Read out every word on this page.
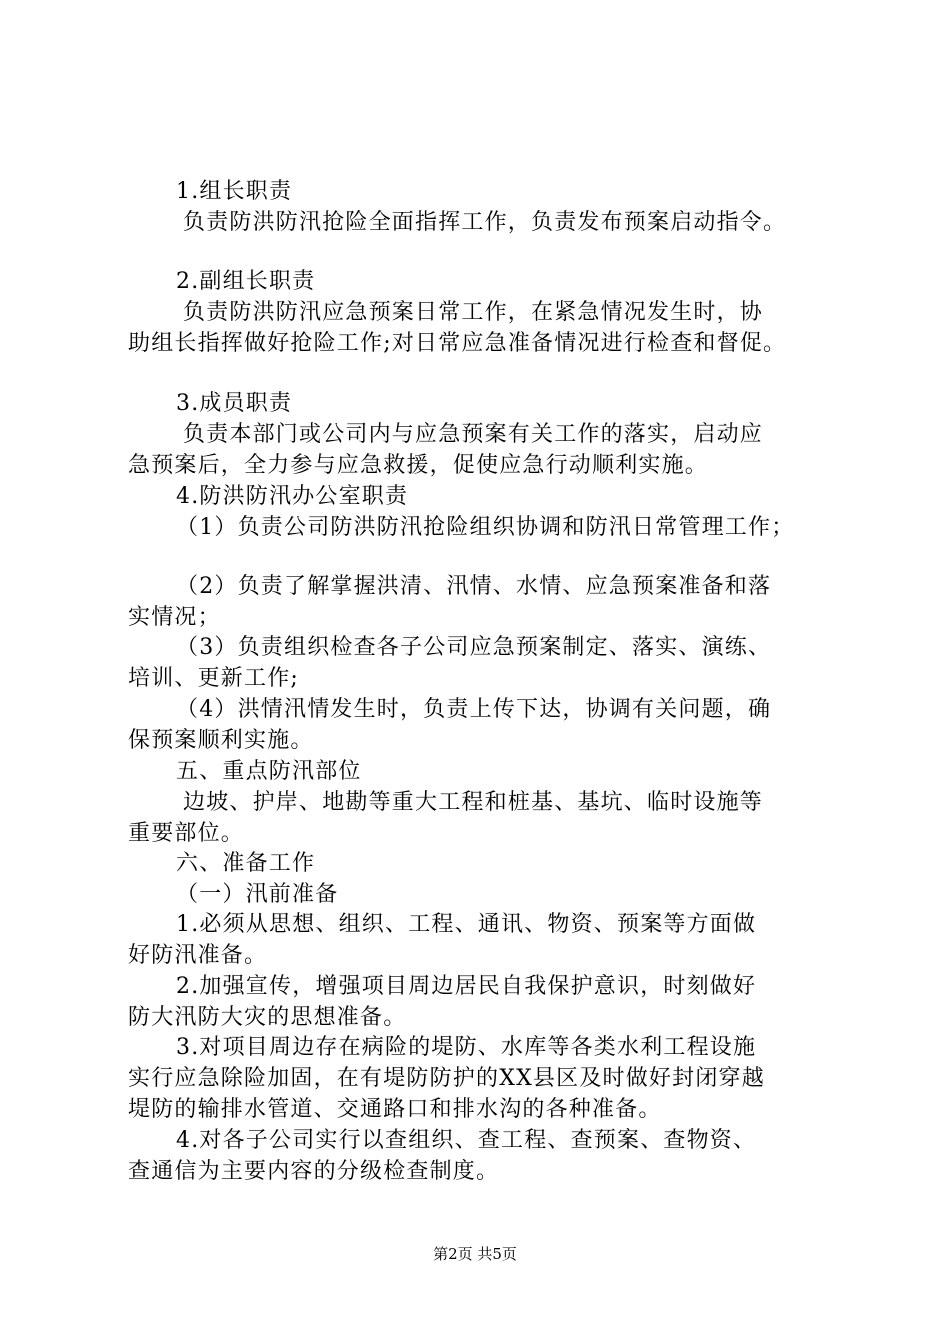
1.组长职责
负责防洪防汛抢险全面指挥工作，负责发布预案启动指令。
2.副组长职责
负责防洪防汛应急预案日常工作，在紧急情况发生时，协
助组长指挥做好抢险工作;对日常应急准备情况进行检查和督促。
3.成员职责
负责本部门或公司内与应急预案有关工作的落实，启动应
急预案后，全力参与应急救援，促使应急行动顺利实施。
4.防洪防汛办公室职责
（1）负责公司防洪防汛抢险组织协调和防汛日常管理工作；
（2）负责了解掌握洪清、汛情、水情、应急预案准备和落
实情况；
（3）负责组织检查各子公司应急预案制定、落实、演练、
培训、更新工作;
（4）洪情汛情发生时，负责上传下达，协调有关问题，确
保预案顺利实施。
五、重点防汛部位
边坡、护岸、地勘等重大工程和桩基、基坑、临时设施等
重要部位。
六、准备工作
（一）汛前准备
1.必须从思想、组织、工程、通讯、物资、预案等方面做
好防汛准备。
2.加强宣传，增强项目周边居民自我保护意识，时刻做好
防大汛防大灾的思想准备。
3.对项目周边存在病险的堤防、水库等各类水利工程设施
实行应急除险加固，在有堤防防护的XX县区及时做好封闭穿越
堤防的输排水管道、交通路口和排水沟的各种准备。
4.对各子公司实行以查组织、查工程、查预案、查物资、
查通信为主要内容的分级检查制度。
第2页 共5页
